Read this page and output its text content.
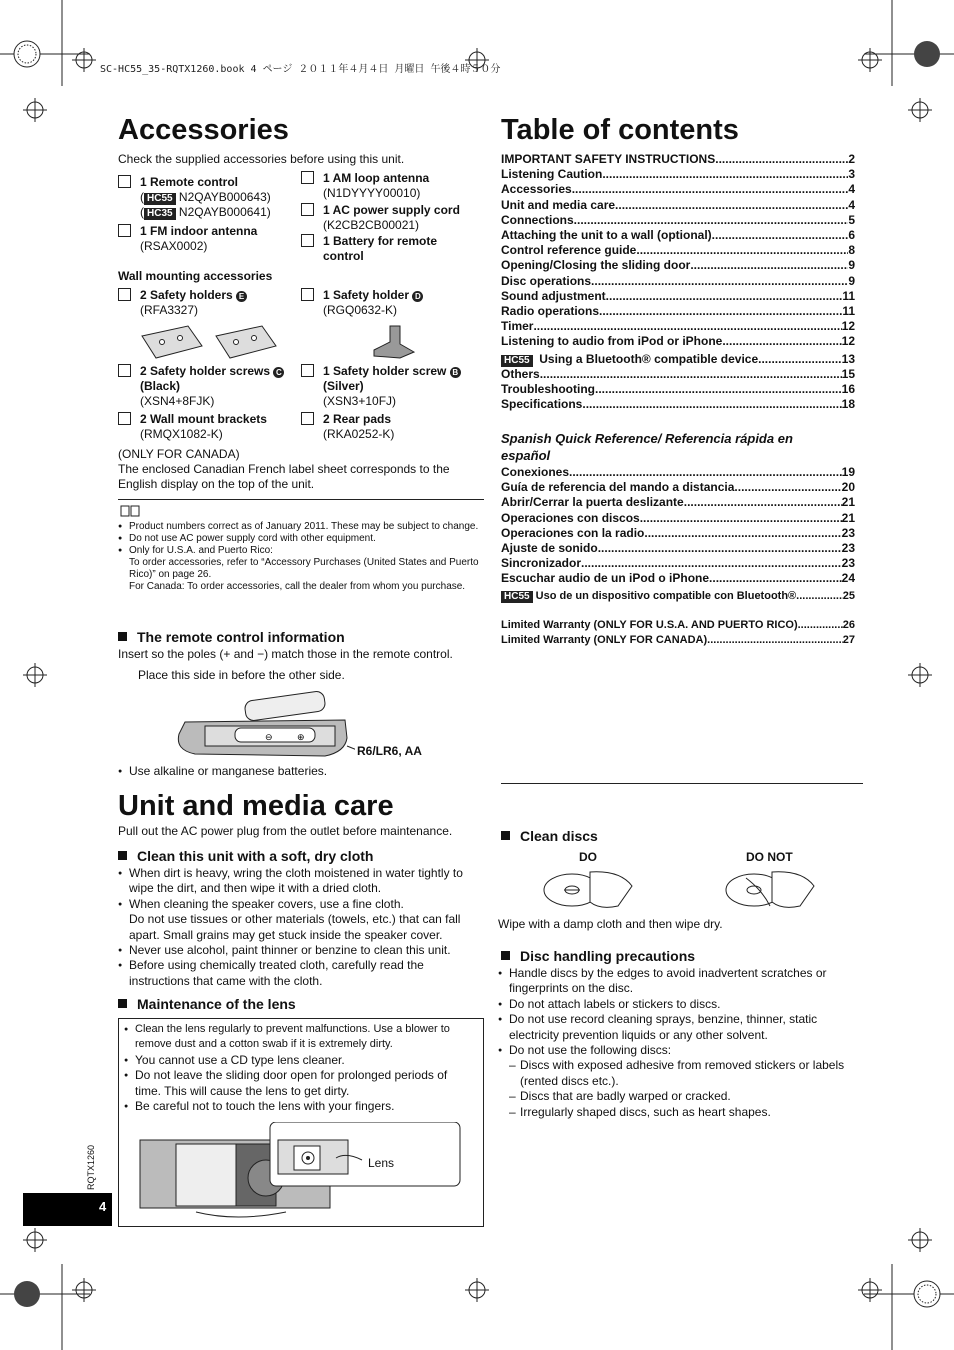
SC-HC55_35-RQTX1260.book 4 ページ ２０１１年４月４日 月曜日 午後４時５０分
Accessories
Check the supplied accessories before using this unit.
1 Remote control
( HC55 N2QAYB000643)
( HC35 N2QAYB000641)
1 FM indoor antenna
(RSAX0002)
1 AM loop antenna
(N1DYYYY00010)
1 AC power supply cord
(K2CB2CB00021)
1 Battery for remote
control
Wall mounting accessories
2 Safety holders E
(RFA3327)
1 Safety holder D
(RGQ0632-K)
2 Safety holder screws C
(Black)
(XSN4+8FJK)
1 Safety holder screw B
(Silver)
(XSN3+10FJ)
2 Wall mount brackets
(RMQX1082-K)
2 Rear pads
(RKA0252-K)
(ONLY FOR CANADA)
The enclosed Canadian French label sheet corresponds to the English display on the top of the unit.
● Product numbers correct as of January 2011. These may be subject to change.
● Do not use AC power supply cord with other equipment.
● Only for U.S.A. and Puerto Rico:
To order accessories, refer to “Accessory Purchases (United States and Puerto Rico)” on page 26.
For Canada: To order accessories, call the dealer from whom you purchase.
The remote control information
Insert so the poles (+ and −) match those in the remote control.
Place this side in before the other side.
⊖	⊕
R6/LR6, AA
● Use alkaline or manganese batteries.
Table of contents
IMPORTANT SAFETY INSTRUCTIONS .....	2
Listening Caution .....	3
Accessories .....	4
Unit and media care .....	4
Connections .....	5
Attaching the unit to a wall (optional) .....	6
Control reference guide .....	8
Opening/Closing the sliding door .....	9
Disc operations .....	9
Sound adjustment .....	11
Radio operations .....	11
Timer .....	12
Listening to audio from iPod or iPhone .....	12
HC55 Using a Bluetooth® compatible device .....	13
Others .....	15
Troubleshooting .....	16
Specifications .....	18
Spanish Quick Reference/ Referencia rápida en español
Conexiones .....	19
Guía de referencia del mando a distancia .....	20
Abrir/Cerrar la puerta deslizante .....	21
Operaciones con discos .....	21
Operaciones con la radio .....	23
Ajuste de sonido .....	23
Sincronizador .....	23
Escuchar audio de un iPod o iPhone .....	24
HC55 Uso de un dispositivo compatible con Bluetooth® .....	25
Limited Warranty (ONLY FOR U.S.A. AND PUERTO RICO) .....	26
Limited Warranty (ONLY FOR CANADA) .....	27
Unit and media care
Pull out the AC power plug from the outlet before maintenance.
Clean this unit with a soft, dry cloth
● When dirt is heavy, wring the cloth moistened in water tightly to wipe the dirt, and then wipe it with a dried cloth.
● When cleaning the speaker covers, use a fine cloth.
Do not use tissues or other materials (towels, etc.) that can fall apart. Small grains may get stuck inside the speaker cover.
● Never use alcohol, paint thinner or benzine to clean this unit.
● Before using chemically treated cloth, carefully read the instructions that came with the cloth.
Maintenance of the lens
● Clean the lens regularly to prevent malfunctions. Use a blower to remove dust and a cotton swab if it is extremely dirty.
● You cannot use a CD type lens cleaner.
● Do not leave the sliding door open for prolonged periods of time. This will cause the lens to get dirty.
● Be careful not to touch the lens with your fingers.
Lens
RQTX1260
4
Clean discs
DO	DO NOT
Wipe with a damp cloth and then wipe dry.
Disc handling precautions
● Handle discs by the edges to avoid inadvertent scratches or fingerprints on the disc.
● Do not attach labels or stickers to discs.
● Do not use record cleaning sprays, benzine, thinner, static electricity prevention liquids or any other solvent.
● Do not use the following discs:
– Discs with exposed adhesive from removed stickers or labels (rented discs etc.).
– Discs that are badly warped or cracked.
– Irregularly shaped discs, such as heart shapes.
